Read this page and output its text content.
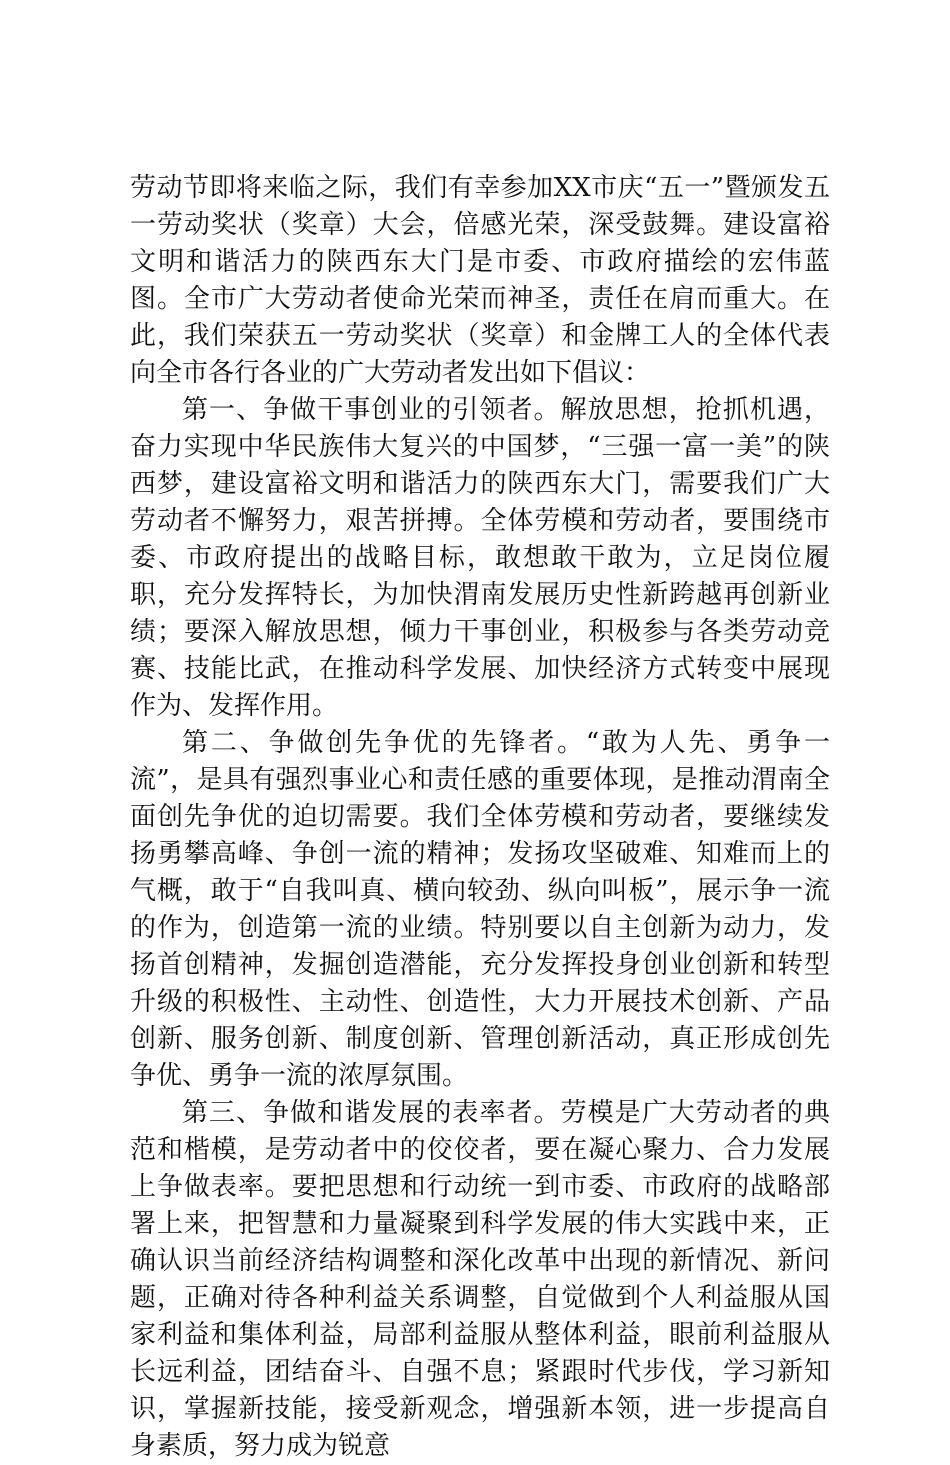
劳动节即将来临之际，我们有幸参加XX市庆“五一”暨颁发五一劳动奖状（奖章）大会，倍感光荣，深受鼓舞。建设富裕文明和谐活力的陕西东大门是市委、市政府描绘的宏伟蓝图。全市广大劳动者使命光荣而神圣，责任在肩而重大。在此，我们荣获五一劳动奖状（奖章）和金牌工人的全体代表向全市各行各业的广大劳动者发出如下倡议：

第一、争做干事创业的引领者。解放思想，抢抓机遇，奋力实现中华民族伟大复兴的中国梦，“三强一富一美”的陕西梦，建设富裕文明和谐活力的陕西东大门，需要我们广大劳动者不懈努力，艰苦拼搏。全体劳模和劳动者，要围绕市委、市政府提出的战略目标，敢想敢干敢为，立足岗位履职，充分发挥特长，为加快渭南发展历史性新跨越再创新业绩；要深入解放思想，倾力干事创业，积极参与各类劳动竞赛、技能比武，在推动科学发展、加快经济方式转变中展现作为、发挥作用。

第二、争做创先争优的先锋者。“敢为人先、勇争一流”，是具有强烈事业心和责任感的重要体现，是推动渭南全面创先争优的迫切需要。我们全体劳模和劳动者，要继续发扬勇攀高峰、争创一流的精神；发扬攻坚破难、知难而上的气概，敢于“自我叫真、横向较劲、纵向叫板”，展示争一流的作为，创造第一流的业绩。特别要以自主创新为动力，发扬首创精神，发掘创造潜能，充分发挥投身创业创新和转型升级的积极性、主动性、创造性，大力开展技术创新、产品创新、服务创新、制度创新、管理创新活动，真正形成创先争优、勇争一流的浓厚氛围。

第三、争做和谐发展的表率者。劳模是广大劳动者的典范和楷模，是劳动者中的佼佼者，要在凝心聚力、合力发展上争做表率。要把思想和行动统一到市委、市政府的战略部署上来，把智慧和力量凝聚到科学发展的伟大实践中来，正确认识当前经济结构调整和深化改革中出现的新情况、新问题，正确对待各种利益关系调整，自觉做到个人利益服从国家利益和集体利益，局部利益服从整体利益，眼前利益服从长远利益，团结奋斗、自强不息；紧跟时代步伐，学习新知识，掌握新技能，接受新观念，增强新本领，进一步提高自身素质，努力成为锐意
